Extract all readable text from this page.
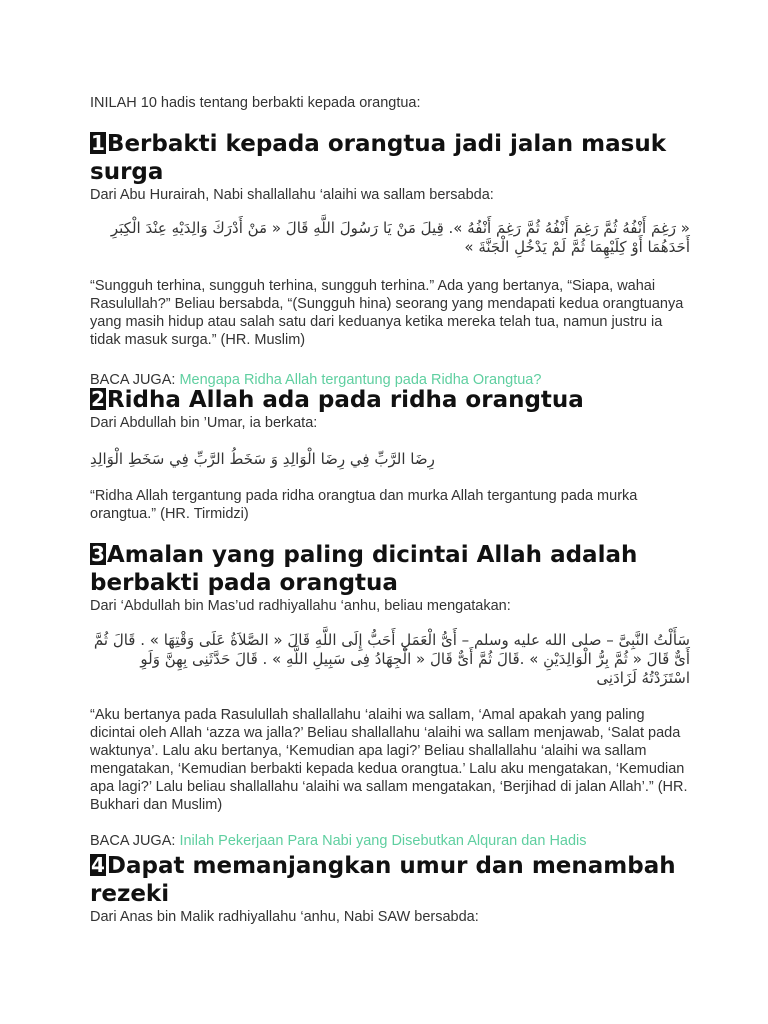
INILAH 10 hadis tentang berbakti kepada orangtua:

1Berbakti kepada orangtua jadi jalan masuk surga

Dari Abu Hurairah, Nabi shallallahu ‘alaihi wa sallam bersabda:

« رَغِمَ أَنْفُهُ ثُمَّ رَغِمَ أَنْفُهُ ثُمَّ رَغِمَ أَنْفُهُ ». قِيلَ مَنْ يَا رَسُولَ اللَّهِ قَالَ « مَنْ أَدْرَكَ وَالِدَيْهِ عِنْدَ الْكِبَرِ أَحَدَهُمَا أَوْ كِلَيْهِمَا ثُمَّ لَمْ يَدْخُلِ الْجَنَّةَ »

“Sungguh terhina, sungguh terhina, sungguh terhina.” Ada yang bertanya, “Siapa, wahai Rasulullah?” Beliau bersabda, “(Sungguh hina) seorang yang mendapati kedua orangtuanya yang masih hidup atau salah satu dari keduanya ketika mereka telah tua, namun justru ia tidak masuk surga.” (HR. Muslim)

BACA JUGA: Mengapa Ridha Allah tergantung pada Ridha Orangtua?

2Ridha Allah ada pada ridha orangtua

Dari Abdullah bin ’Umar, ia berkata:

رِضَا الرَّبِّ فِي رِضَا الْوَالِدِ وَ سَخَطُ الرَّبِّ فِي سَخَطِ الْوَالِدِ

“Ridha Allah tergantung pada ridha orangtua dan murka Allah tergantung pada murka orangtua.” (HR. Tirmidzi)

3Amalan yang paling dicintai Allah adalah berbakti pada orangtua

Dari ‘Abdullah bin Mas’ud radhiyallahu ‘anhu, beliau mengatakan:

سَأَلْتُ النَّبِىَّ – صلى الله عليه وسلم – أَىُّ الْعَمَلِ أَحَبُّ إِلَى اللَّهِ قَالَ « الصَّلاَةُ عَلَى وَقْتِهَا » . قَالَ ثُمَّ أَىٌّ قَالَ « ثُمَّ بِرُّ الْوَالِدَيْنِ » .قَالَ ثُمَّ أَىٌّ قَالَ « الْجِهَادُ فِى سَبِيلِ اللَّهِ » . قَالَ حَدَّثَنِى بِهِنَّ وَلَوِ اسْتَزَدْتُهُ لَزَادَنِى

“Aku bertanya pada Rasulullah shallallahu ‘alaihi wa sallam, ‘Amal apakah yang paling dicintai oleh Allah ‘azza wa jalla?’ Beliau shallallahu ‘alaihi wa sallam menjawab, ‘Salat pada waktunya’. Lalu aku bertanya, ‘Kemudian apa lagi?’ Beliau shallallahu ‘alaihi wa sallam mengatakan, ‘Kemudian berbakti kepada kedua orangtua.’ Lalu aku mengatakan, ‘Kemudian apa lagi?’ Lalu beliau shallallahu ‘alaihi wa sallam mengatakan, ‘Berjihad di jalan Allah’.” (HR. Bukhari dan Muslim)

BACA JUGA: Inilah Pekerjaan Para Nabi yang Disebutkan Alquran dan Hadis

4Dapat memanjangkan umur dan menambah rezeki

Dari Anas bin Malik radhiyallahu ‘anhu, Nabi SAW bersabda:
